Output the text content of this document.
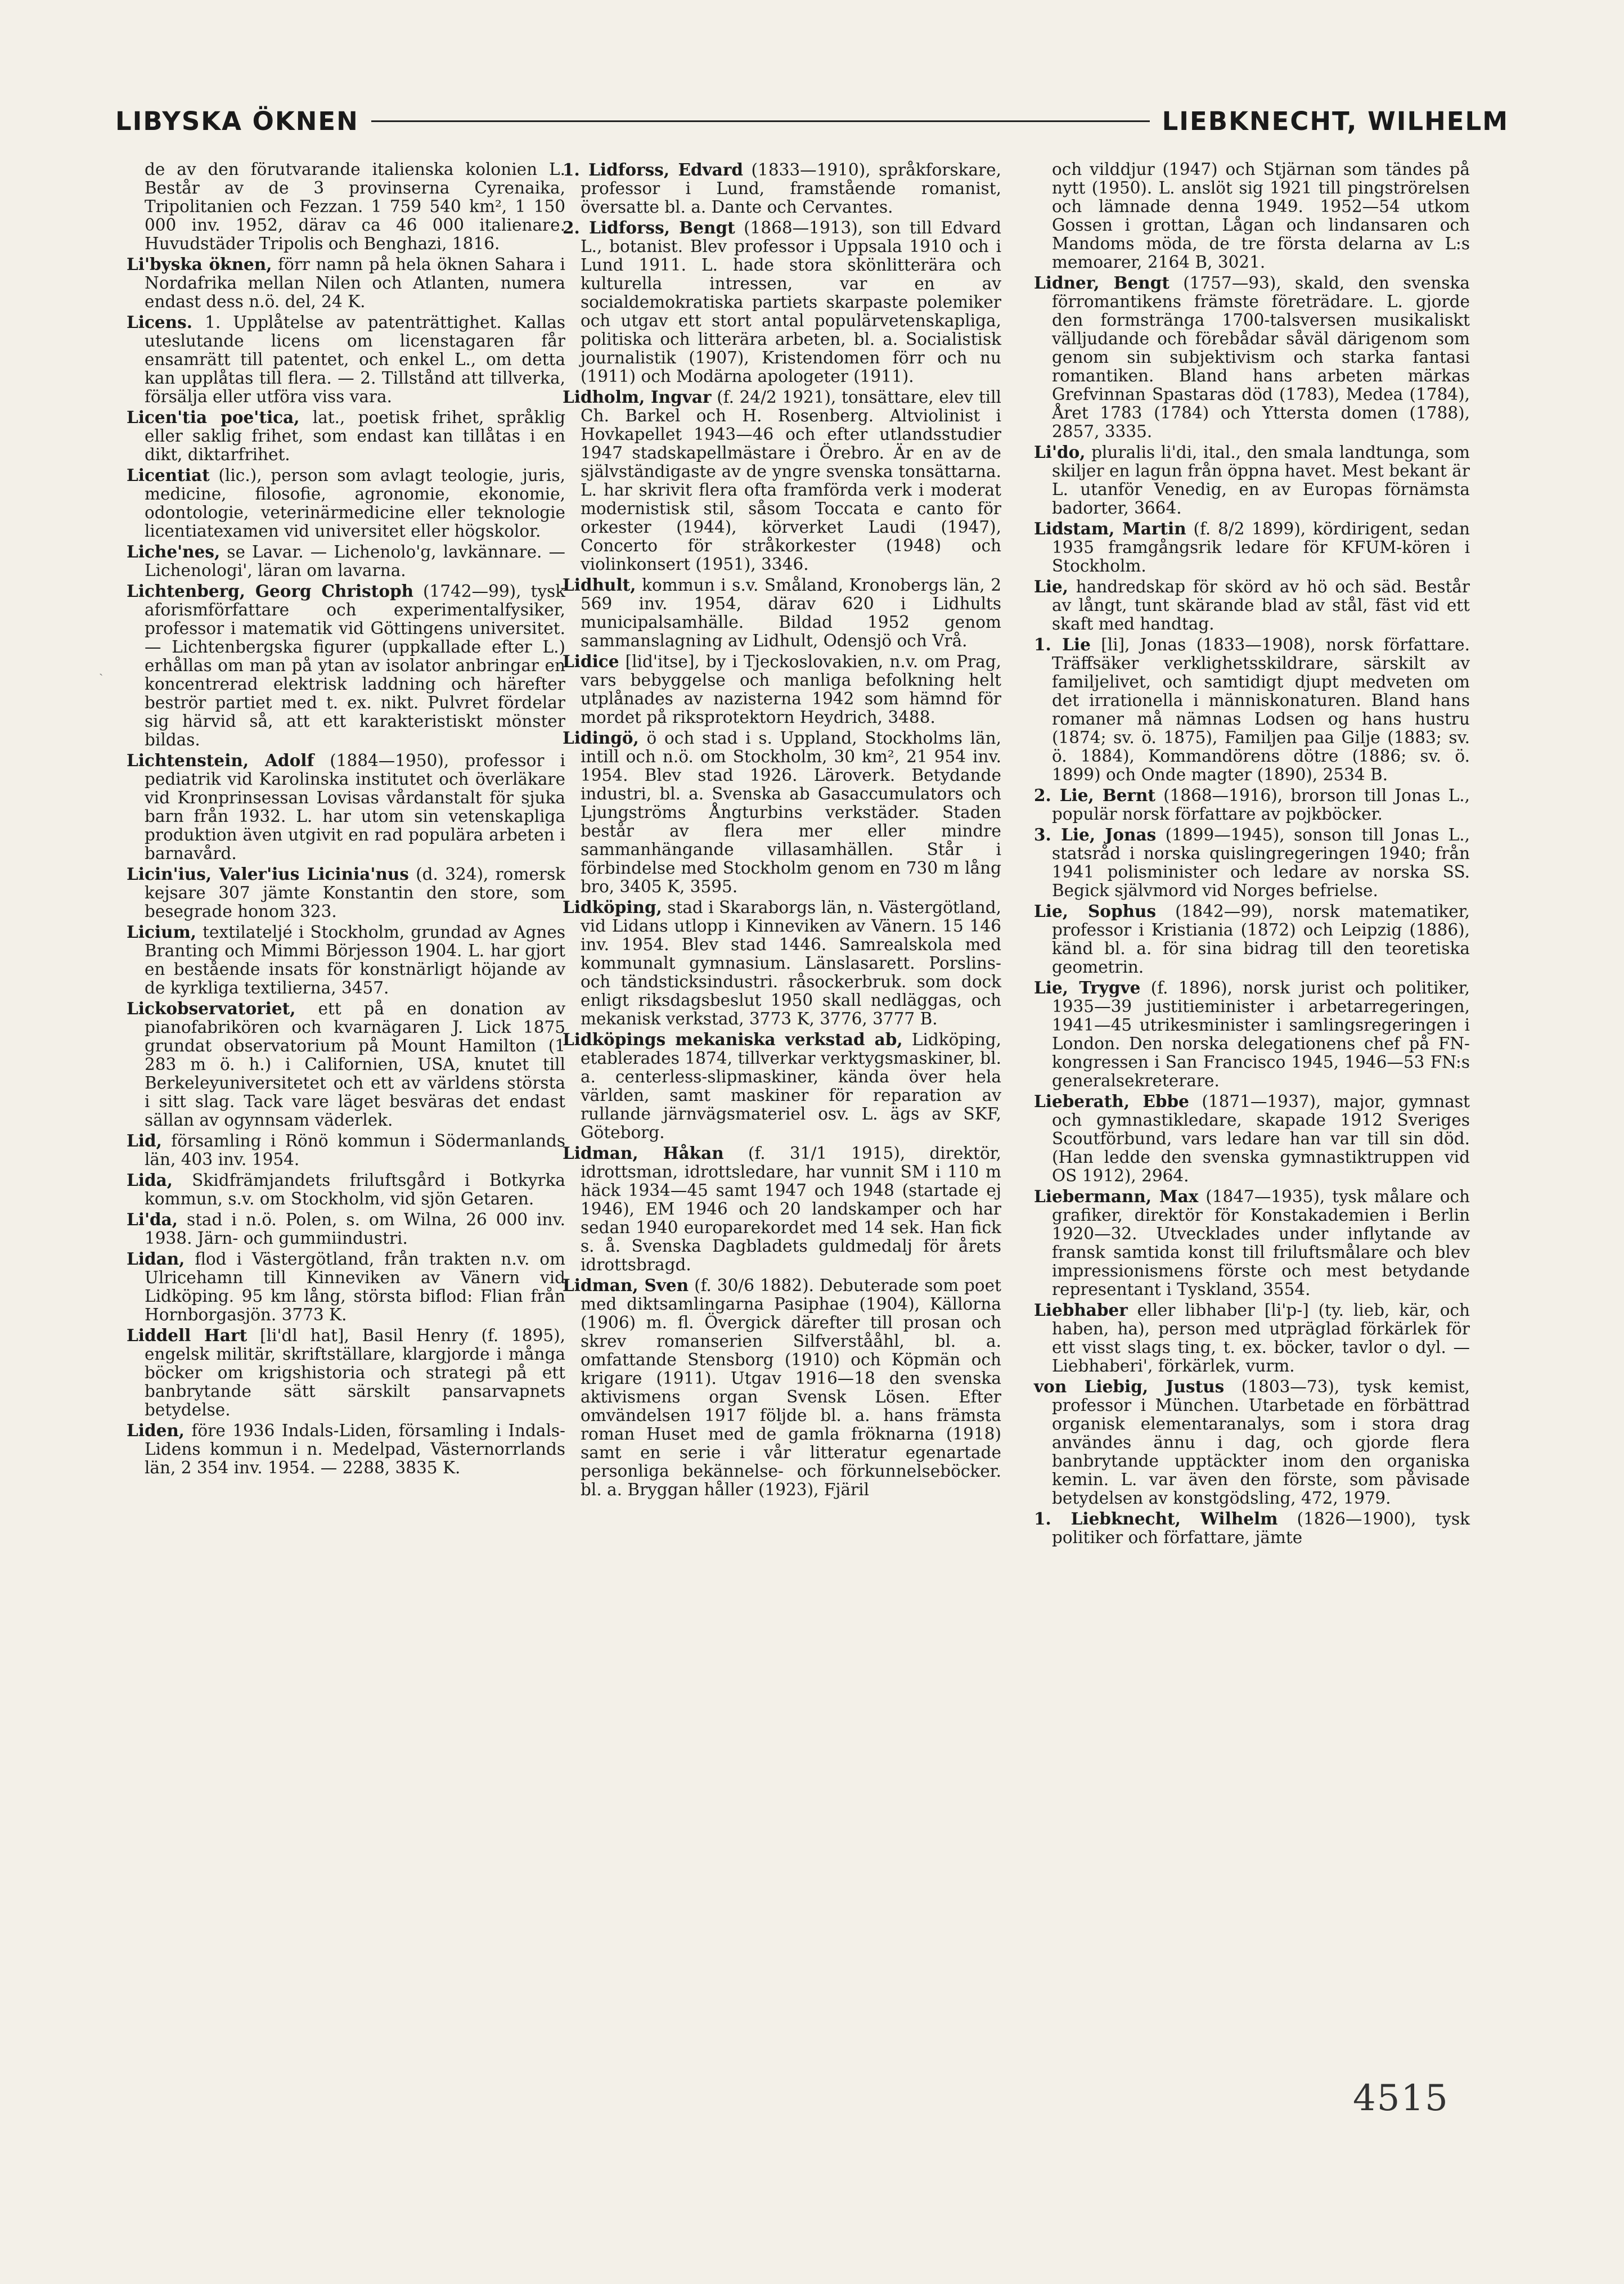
LIBYSKA ÖKNEN	LIEBKNECHT, WILHELM

de av den förutvarande italienska kolonien L. Består av de 3 provinserna Cyrenaika, Tripolitanien och Fezzan. 1 759 540 km², 1 150 000 inv. 1952, därav ca 46 000 italienare. Huvudstäder Tripolis och Benghazi, 1816.

Li'byska öknen, förr namn på hela öknen Sahara i Nordafrika mellan Nilen och Atlanten, numera endast dess n.ö. del, 24 K.

Licens. 1. Upplåtelse av patenträttighet. Kallas uteslutande licens om licenstagaren får ensamrätt till patentet, och enkel L., om detta kan upplåtas till flera. — 2. Tillstånd att tillverka, försälja eller utföra viss vara.

Licen'tia poe'tica, lat., poetisk frihet, språklig eller saklig frihet, som endast kan tillåtas i en dikt, diktarfrihet.

Licentiat (lic.), person som avlagt teologie, juris, medicine, filosofie, agronomie, ekonomie, odontologie, veterinärmedicine eller teknologie licentiatexamen vid universitet eller högskolor.

Liche'nes, se Lavar. — Lichenolo'g, lavkännare. — Lichenologi', läran om lavarna.

Lichtenberg, Georg Christoph (1742—99), tysk aforismförfattare och experimentalfysiker, professor i matematik vid Göttingens universitet. — Lichtenbergska figurer (uppkallade efter L.) erhållas om man på ytan av isolator anbringar en koncentrerad elektrisk laddning och härefter beströr partiet med t. ex. nikt. Pulvret fördelar sig härvid så, att ett karakteristiskt mönster bildas.

Lichtenstein, Adolf (1884—1950), professor i pediatrik vid Karolinska institutet och överläkare vid Kronprinsessan Lovisas vårdanstalt för sjuka barn från 1932. L. har utom sin vetenskapliga produktion även utgivit en rad populära arbeten i barnavård.

Licin'ius, Valer'ius Licinia'nus (d. 324), romersk kejsare 307 jämte Konstantin den store, som besegrade honom 323.

Licium, textilateljé i Stockholm, grundad av Agnes Branting och Mimmi Börjesson 1904. L. har gjort en bestående insats för konstnärligt höjande av de kyrkliga textilierna, 3457.

Lickobservatoriet, ett på en donation av pianofabrikören och kvarnägaren J. Lick 1875 grundat observatorium på Mount Hamilton (1 283 m ö. h.) i Californien, USA, knutet till Berkeleyuniversitetet och ett av världens största i sitt slag. Tack vare läget besväras det endast sällan av ogynnsam väderlek.

Lid, församling i Rönö kommun i Södermanlands län, 403 inv. 1954.

Lida, Skidfrämjandets friluftsgård i Botkyrka kommun, s.v. om Stockholm, vid sjön Getaren.

Li'da, stad i n.ö. Polen, s. om Wilna, 26 000 inv. 1938. Järn- och gummiindustri.

Lidan, flod i Västergötland, från trakten n.v. om Ulricehamn till Kinneviken av Vänern vid Lidköping. 95 km lång, största biflod: Flian från Hornborgasjön. 3773 K.

Liddell Hart [li'dl hat], Basil Henry (f. 1895), engelsk militär, skriftställare, klargjorde i många böcker om krigshistoria och strategi på ett banbrytande sätt särskilt pansarvapnets betydelse.

Liden, före 1936 Indals-Liden, församling i Indals-Lidens kommun i n. Medelpad, Västernorrlands län, 2 354 inv. 1954. — 2288, 3835 K.

1. Lidforss, Edvard (1833—1910), språkforskare, professor i Lund, framstående romanist, översatte bl. a. Dante och Cervantes.

2. Lidforss, Bengt (1868—1913), son till Edvard L., botanist. Blev professor i Uppsala 1910 och i Lund 1911. L. hade stora skönlitterära och kulturella intressen, var en av socialdemokratiska partiets skarpaste polemiker och utgav ett stort antal populärvetenskapliga, politiska och litterära arbeten, bl. a. Socialistisk journalistik (1907), Kristendomen förr och nu (1911) och Modärna apologeter (1911).

Lidholm, Ingvar (f. 24/2 1921), tonsättare, elev till Ch. Barkel och H. Rosenberg. Altviolinist i Hovkapellet 1943—46 och efter utlandsstudier 1947 stadskapellmästare i Örebro. Är en av de självständigaste av de yngre svenska tonsättarna. L. har skrivit flera ofta framförda verk i moderat modernistisk stil, såsom Toccata e canto för orkester (1944), körverket Laudi (1947), Concerto för stråkorkester (1948) och violinkonsert (1951), 3346.

Lidhult, kommun i s.v. Småland, Kronobergs län, 2 569 inv. 1954, därav 620 i Lidhults municipalsamhälle. Bildad 1952 genom sammanslagning av Lidhult, Odensjö och Vrå.

Lidice [lid'itse], by i Tjeckoslovakien, n.v. om Prag, vars bebyggelse och manliga befolkning helt utplånades av nazisterna 1942 som hämnd för mordet på riksprotektorn Heydrich, 3488.

Lidingö, ö och stad i s. Uppland, Stockholms län, intill och n.ö. om Stockholm, 30 km², 21 954 inv. 1954. Blev stad 1926. Läroverk. Betydande industri, bl. a. Svenska ab Gasaccumulators och Ljungströms Ångturbins verkstäder. Staden består av flera mer eller mindre sammanhängande villasamhällen. Står i förbindelse med Stockholm genom en 730 m lång bro, 3405 K, 3595.

Lidköping, stad i Skaraborgs län, n. Västergötland, vid Lidans utlopp i Kinneviken av Vänern. 15 146 inv. 1954. Blev stad 1446. Samrealskola med kommunalt gymnasium. Länslasarett. Porslins- och tändsticksindustri. råsockerbruk. som dock enligt riksdagsbeslut 1950 skall nedläggas, och mekanisk verkstad, 3773 K, 3776, 3777 B.

Lidköpings mekaniska verkstad ab, Lidköping, etablerades 1874, tillverkar verktygsmaskiner, bl. a. centerless-slipmaskiner, kända över hela världen, samt maskiner för reparation av rullande järnvägsmateriel osv. L. ägs av SKF, Göteborg.

Lidman, Håkan (f. 31/1 1915), direktör, idrottsman, idrottsledare, har vunnit SM i 110 m häck 1934—45 samt 1947 och 1948 (startade ej 1946), EM 1946 och 20 landskamper och har sedan 1940 europarekordet med 14 sek. Han fick s. å. Svenska Dagbladets guldmedalj för årets idrottsbragd.

Lidman, Sven (f. 30/6 1882). Debuterade som poet med diktsamlingarna Pasiphae (1904), Källorna (1906) m. fl. Övergick därefter till prosan och skrev romanserien Silfverstååhl, bl. a. omfattande Stensborg (1910) och Köpmän och krigare (1911). Utgav 1916—18 den svenska aktivismens organ Svensk Lösen. Efter omvändelsen 1917 följde bl. a. hans främsta roman Huset med de gamla fröknarna (1918) samt en serie i vår litteratur egenartade personliga bekännelse- och förkunnelseböcker. bl. a. Bryggan håller (1923), Fjäril

och vilddjur (1947) och Stjärnan som tändes på nytt (1950). L. anslöt sig 1921 till pingströrelsen och lämnade denna 1949. 1952—54 utkom Gossen i grottan, Lågan och lindansaren och Mandoms möda, de tre första delarna av L:s memoarer, 2164 B, 3021.

Lidner, Bengt (1757—93), skald, den svenska förromantikens främste företrädare. L. gjorde den formstränga 1700-talsversen musikaliskt välljudande och förebådar såväl därigenom som genom sin subjektivism och starka fantasi romantiken. Bland hans arbeten märkas Grefvinnan Spastaras död (1783), Medea (1784), Året 1783 (1784) och Yttersta domen (1788), 2857, 3335.

Li'do, pluralis li'di, ital., den smala landtunga, som skiljer en lagun från öppna havet. Mest bekant är L. utanför Venedig, en av Europas förnämsta badorter, 3664.

Lidstam, Martin (f. 8/2 1899), kördirigent, sedan 1935 framgångsrik ledare för KFUM-kören i Stockholm.

Lie, handredskap för skörd av hö och säd. Består av långt, tunt skärande blad av stål, fäst vid ett skaft med handtag.

1. Lie [li], Jonas (1833—1908), norsk författare. Träffsäker verklighetsskildrare, särskilt av familjelivet, och samtidigt djupt medveten om det irrationella i människonaturen. Bland hans romaner må nämnas Lodsen og hans hustru (1874; sv. ö. 1875), Familjen paa Gilje (1883; sv. ö. 1884), Kommandörens dötre (1886; sv. ö. 1899) och Onde magter (1890), 2534 B.

2. Lie, Bernt (1868—1916), brorson till Jonas L., populär norsk författare av pojkböcker.

3. Lie, Jonas (1899—1945), sonson till Jonas L., statsråd i norska quislingregeringen 1940; från 1941 polisminister och ledare av norska SS. Begick självmord vid Norges befrielse.

Lie, Sophus (1842—99), norsk matematiker, professor i Kristiania (1872) och Leipzig (1886), känd bl. a. för sina bidrag till den teoretiska geometrin.

Lie, Trygve (f. 1896), norsk jurist och politiker, 1935—39 justitieminister i arbetarregeringen, 1941—45 utrikesminister i samlingsregeringen i London. Den norska delegationens chef på FN-kongressen i San Francisco 1945, 1946—53 FN:s generalsekreterare.

Lieberath, Ebbe (1871—1937), major, gymnast och gymnastikledare, skapade 1912 Sveriges Scoutförbund, vars ledare han var till sin död. (Han ledde den svenska gymnastiktruppen vid OS 1912), 2964.

Liebermann, Max (1847—1935), tysk målare och grafiker, direktör för Konstakademien i Berlin 1920—32. Utvecklades under inflytande av fransk samtida konst till friluftsmålare och blev impressionismens förste och mest betydande representant i Tyskland, 3554.

Liebhaber eller libhaber [li'p-] (ty. lieb, kär, och haben, ha), person med utpräglad förkärlek för ett visst slags ting, t. ex. böcker, tavlor o dyl. — Liebhaberi', förkärlek, vurm.

von Liebig, Justus (1803—73), tysk kemist, professor i München. Utarbetade en förbättrad organisk elementaranalys, som i stora drag användes ännu i dag, och gjorde flera banbrytande upptäckter inom den organiska kemin. L. var även den förste, som påvisade betydelsen av konstgödsling, 472, 1979.

1. Liebknecht, Wilhelm (1826—1900), tysk politiker och författare, jämte

ˏ
4515
